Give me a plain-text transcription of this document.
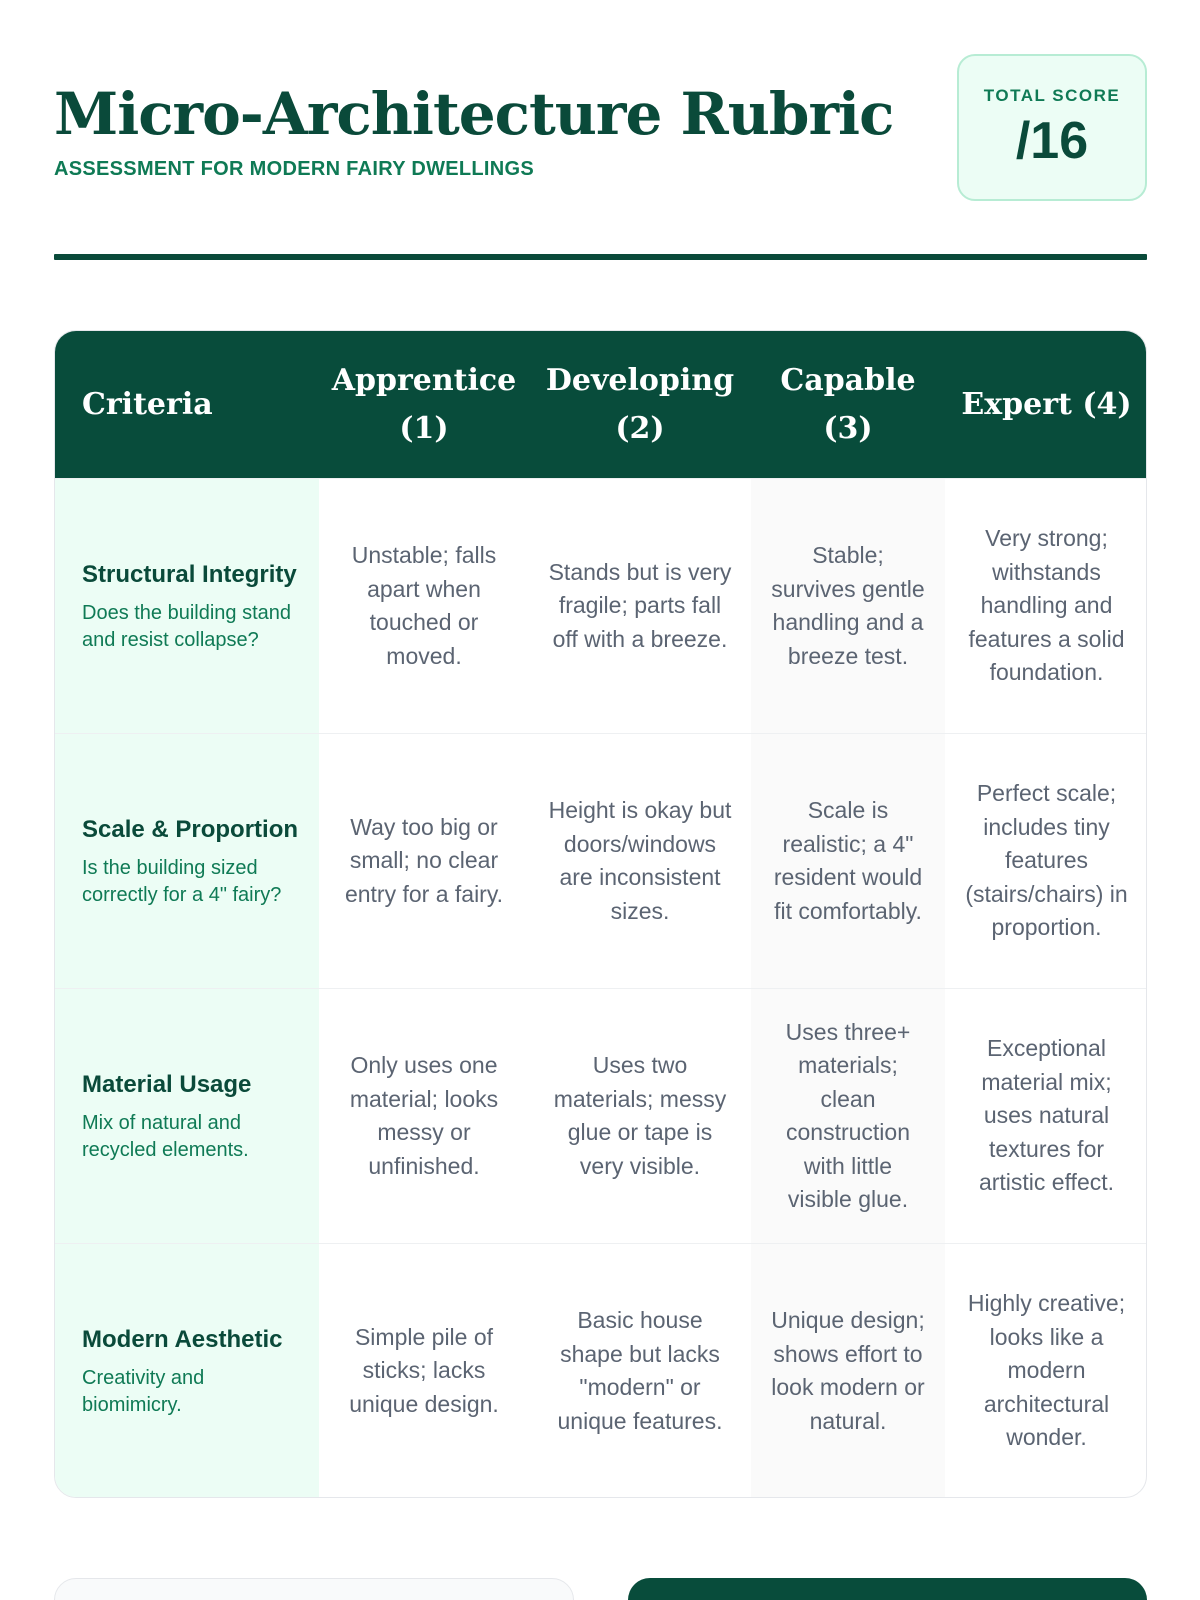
Micro-Architecture Rubric
ASSESSMENT FOR MODERN FAIRY DWELLINGS
TOTAL SCORE
/16
Criteria
Apprentice (1)
Developing (2)
Capable (3)
Expert (4)
Structural Integrity
Does the building stand and resist collapse?
Unstable; falls apart when touched or moved.
Stands but is very fragile; parts fall off with a breeze.
Stable; survives gentle handling and a breeze test.
Very strong; withstands handling and features a solid foundation.
Scale & Proportion
Is the building sized correctly for a 4" fairy?
Way too big or small; no clear entry for a fairy.
Height is okay but doors/windows are inconsistent sizes.
Scale is realistic; a 4" resident would fit comfortably.
Perfect scale; includes tiny features (stairs/chairs) in proportion.
Material Usage
Mix of natural and recycled elements.
Only uses one material; looks messy or unfinished.
Uses two materials; messy glue or tape is very visible.
Uses three+ materials; clean construction with little visible glue.
Exceptional material mix; uses natural textures for artistic effect.
Modern Aesthetic
Creativity and biomimicry.
Simple pile of sticks; lacks unique design.
Basic house shape but lacks "modern" or unique features.
Unique design; shows effort to look modern or natural.
Highly creative; looks like a modern architectural wonder.
